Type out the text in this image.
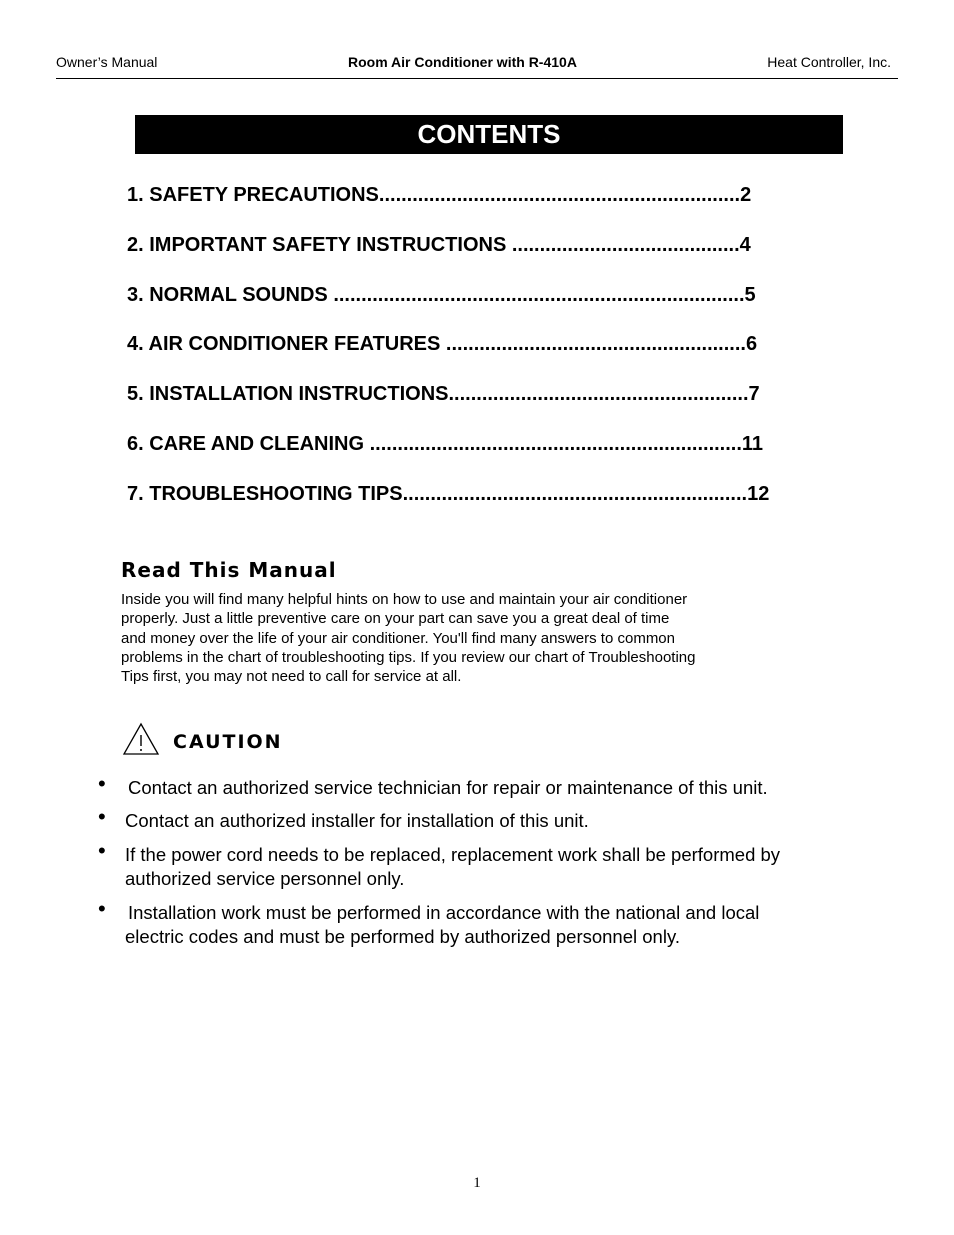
Owner’s Manual	Room Air Conditioner with R-410A	Heat Controller, Inc.
CONTENTS
1. SAFETY PRECAUTIONS.................................................................2
2. IMPORTANT SAFETY INSTRUCTIONS .........................................4
3. NORMAL SOUNDS ..........................................................................5
4. AIR CONDITIONER FEATURES ......................................................6
5. INSTALLATION INSTRUCTIONS......................................................7
6. CARE AND CLEANING ...................................................................11
7. TROUBLESHOOTING TIPS..............................................................12
Read This Manual
Inside you will find many helpful hints on how to use and maintain your air conditioner
properly. Just a little preventive care on your part can save you a great deal of time
and money over the life of your air conditioner. You'll find many answers to common
problems in the chart of troubleshooting tips. If you review our chart of Troubleshooting
Tips first, you may not need to call for service at all.
CAUTION
• Contact an authorized service technician for repair or maintenance of this unit.
• Contact an authorized installer for installation of this unit.
• If the power cord needs to be replaced, replacement work shall be performed by
authorized service personnel only.
• Installation work must be performed in accordance with the national and local
electric codes and must be performed by authorized personnel only.
1
